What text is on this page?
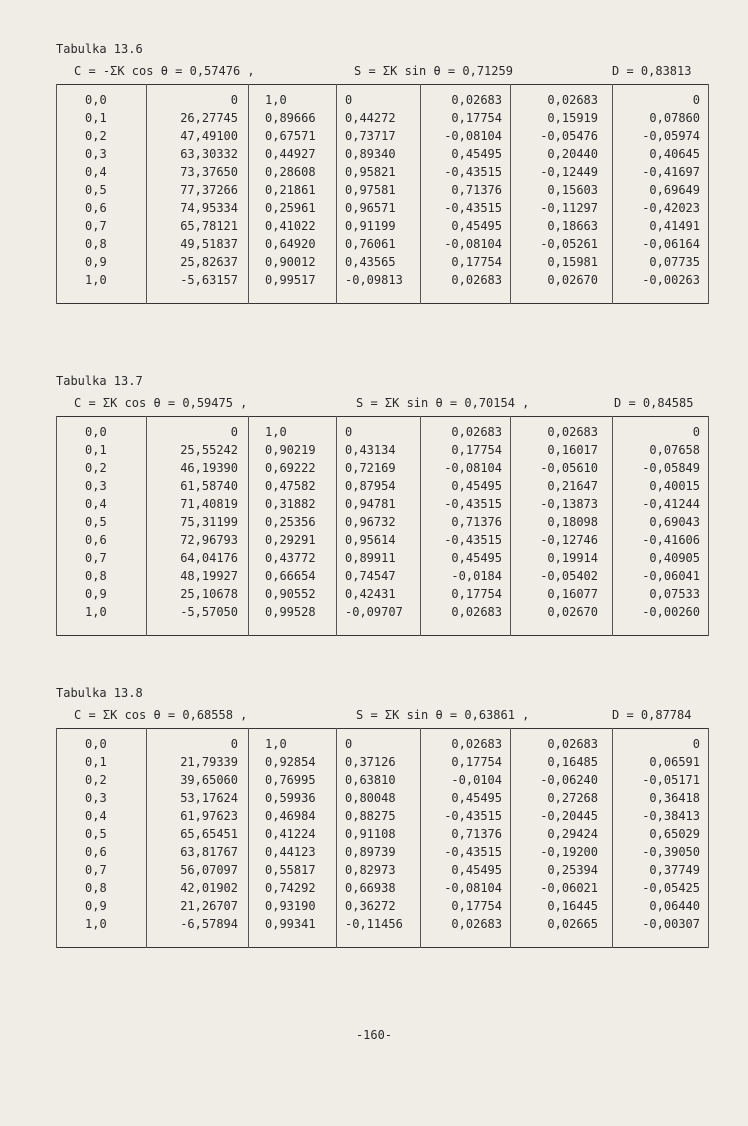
Tabulka 13.6
C = -ΣK cos θ = 0,57476 ,	S = ΣK sin θ = 0,71259	D = 0,83813
0,0	0	1,0	0	0,02683	0,02683	0
0,1	26,27745	0,89666	0,44272	0,17754	0,15919	0,07860
0,2	47,49100	0,67571	0,73717	-0,08104	-0,05476	-0,05974
0,3	63,30332	0,44927	0,89340	0,45495	0,20440	0,40645
0,4	73,37650	0,28608	0,95821	-0,43515	-0,12449	-0,41697
0,5	77,37266	0,21861	0,97581	0,71376	0,15603	0,69649
0,6	74,95334	0,25961	0,96571	-0,43515	-0,11297	-0,42023
0,7	65,78121	0,41022	0,91199	0,45495	0,18663	0,41491
0,8	49,51837	0,64920	0,76061	-0,08104	-0,05261	-0,06164
0,9	25,82637	0,90012	0,43565	0,17754	0,15981	0,07735
1,0	-5,63157	0,99517	-0,09813	0,02683	0,02670	-0,00263
Tabulka 13.7
C = ΣK cos θ = 0,59475 ,	S = ΣK sin θ = 0,70154 ,	D = 0,84585
0,0	0	1,0	0	0,02683	0,02683	0
0,1	25,55242	0,90219	0,43134	0,17754	0,16017	0,07658
0,2	46,19390	0,69222	0,72169	-0,08104	-0,05610	-0,05849
0,3	61,58740	0,47582	0,87954	0,45495	0,21647	0,40015
0,4	71,40819	0,31882	0,94781	-0,43515	-0,13873	-0,41244
0,5	75,31199	0,25356	0,96732	0,71376	0,18098	0,69043
0,6	72,96793	0,29291	0,95614	-0,43515	-0,12746	-0,41606
0,7	64,04176	0,43772	0,89911	0,45495	0,19914	0,40905
0,8	48,19927	0,66654	0,74547	-0,0184	-0,05402	-0,06041
0,9	25,10678	0,90552	0,42431	0,17754	0,16077	0,07533
1,0	-5,57050	0,99528	-0,09707	0,02683	0,02670	-0,00260
Tabulka 13.8
C = ΣK cos θ = 0,68558 ,	S = ΣK sin θ = 0,63861 ,	D = 0,87784
0,0	0	1,0	0	0,02683	0,02683	0
0,1	21,79339	0,92854	0,37126	0,17754	0,16485	0,06591
0,2	39,65060	0,76995	0,63810	-0,0104	-0,06240	-0,05171
0,3	53,17624	0,59936	0,80048	0,45495	0,27268	0,36418
0,4	61,97623	0,46984	0,88275	-0,43515	-0,20445	-0,38413
0,5	65,65451	0,41224	0,91108	0,71376	0,29424	0,65029
0,6	63,81767	0,44123	0,89739	-0,43515	-0,19200	-0,39050
0,7	56,07097	0,55817	0,82973	0,45495	0,25394	0,37749
0,8	42,01902	0,74292	0,66938	-0,08104	-0,06021	-0,05425
0,9	21,26707	0,93190	0,36272	0,17754	0,16445	0,06440
1,0	-6,57894	0,99341	-0,11456	0,02683	0,02665	-0,00307
-160-
